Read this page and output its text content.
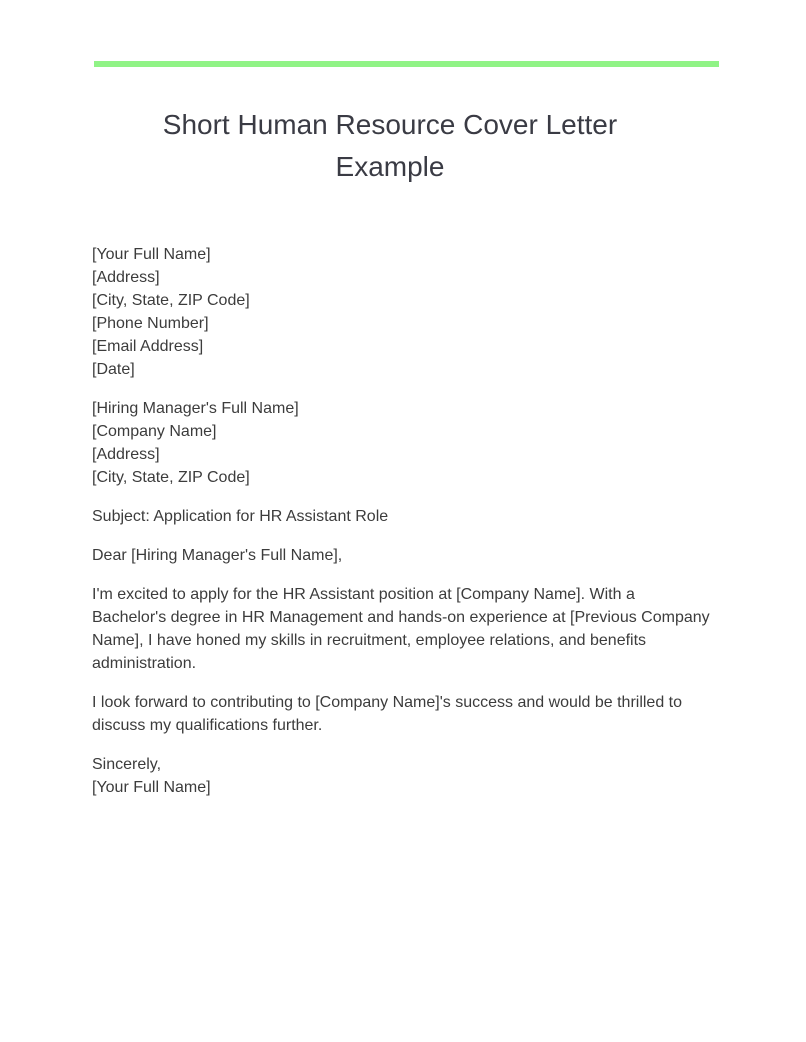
Short Human Resource Cover Letter Example
[Your Full Name]
[Address]
[City, State, ZIP Code]
[Phone Number]
[Email Address]
[Date]
[Hiring Manager's Full Name]
[Company Name]
[Address]
[City, State, ZIP Code]
Subject: Application for HR Assistant Role
Dear [Hiring Manager's Full Name],
I'm excited to apply for the HR Assistant position at [Company Name]. With a Bachelor's degree in HR Management and hands-on experience at [Previous Company Name], I have honed my skills in recruitment, employee relations, and benefits administration.
I look forward to contributing to [Company Name]'s success and would be thrilled to discuss my qualifications further.
Sincerely,
[Your Full Name]
